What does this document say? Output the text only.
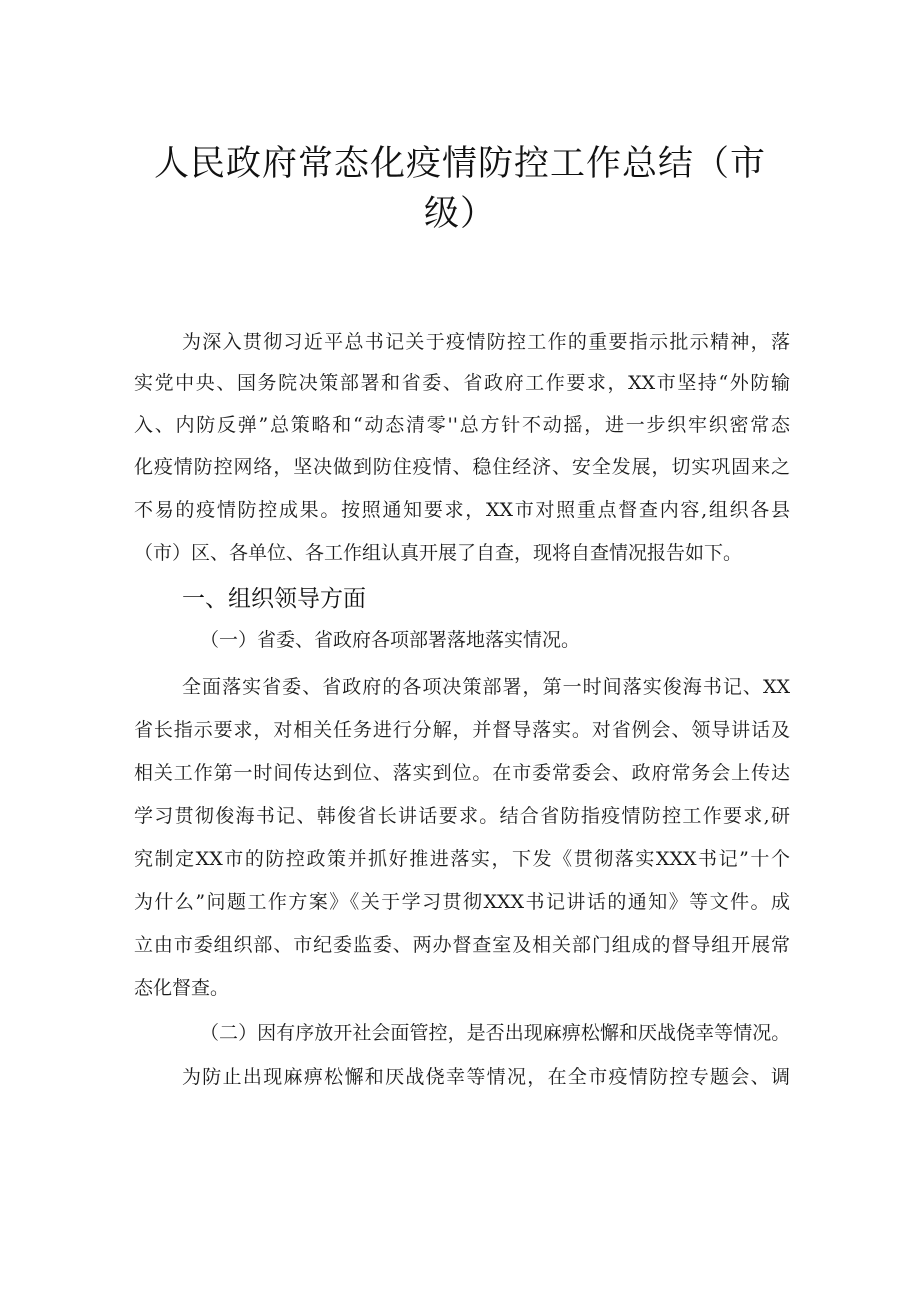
人民政府常态化疫情防控工作总结（市
级）
为深入贯彻习近平总书记关于疫情防控工作的重要指示批示精神，落
实党中央、国务院决策部署和省委、省政府工作要求，XX市坚持“外防输
入、内防反弹”总策略和“动态清零''总方针不动摇，进一步织牢织密常态
化疫情防控网络，坚决做到防住疫情、稳住经济、安全发展，切实巩固来之
不易的疫情防控成果。按照通知要求，XX市对照重点督查内容,组织各县
（市）区、各单位、各工作组认真开展了自查，现将自查情况报告如下。
一、组织领导方面
（一）省委、省政府各项部署落地落实情况。
全面落实省委、省政府的各项决策部署，第一时间落实俊海书记、XX
省长指示要求，对相关任务进行分解，并督导落实。对省例会、领导讲话及
相关工作第一时间传达到位、落实到位。在市委常委会、政府常务会上传达
学习贯彻俊海书记、韩俊省长讲话要求。结合省防指疫情防控工作要求,研
究制定XX市的防控政策并抓好推进落实，下发《贯彻落实XXX书记”十个
为什么”问题工作方案》《关于学习贯彻XXX书记讲话的通知》等文件。成
立由市委组织部、市纪委监委、两办督查室及相关部门组成的督导组开展常
态化督查。
（二）因有序放开社会面管控，是否出现麻痹松懈和厌战侥幸等情况。
为防止出现麻痹松懈和厌战侥幸等情况，在全市疫情防控专题会、调
